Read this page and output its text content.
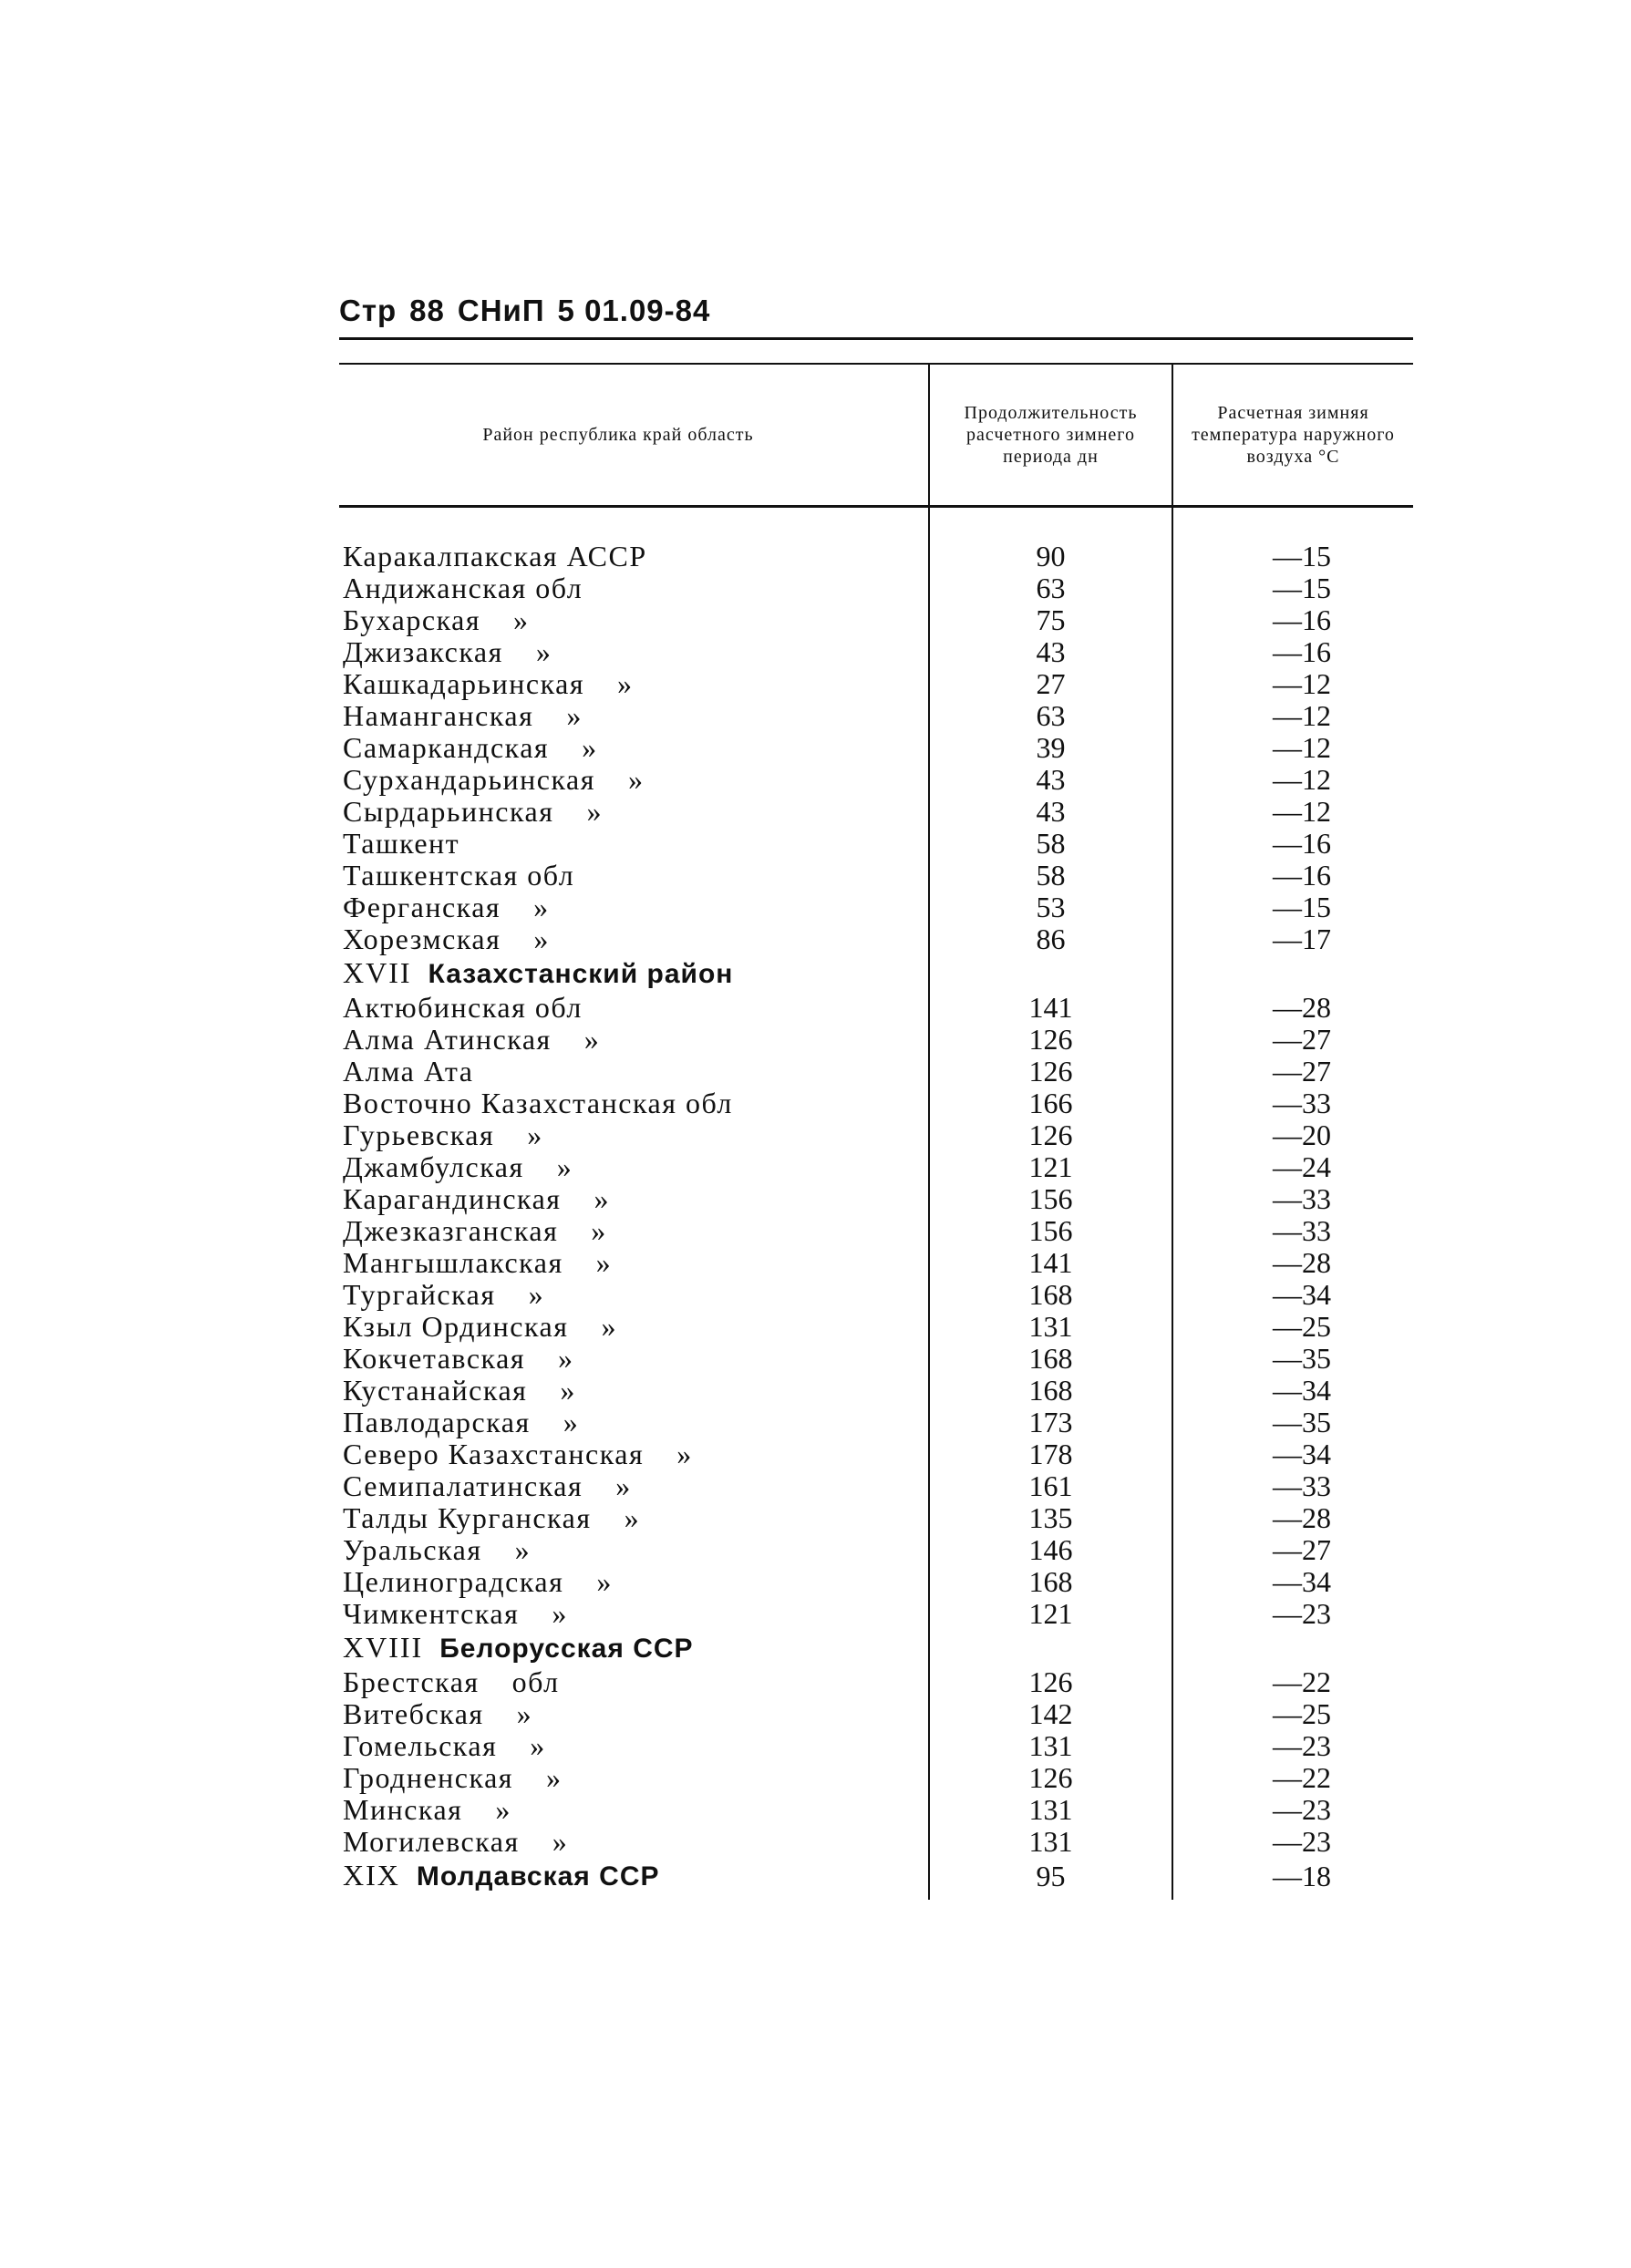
Стр 88 СНиП 5 01.09-84
Район республика край область	Продолжительность расчетного зимнего периода дн	Расчетная зимняя температура наружного воздуха °С

Каракалпакская АССР	90	—15
Андижанская обл	63	—15
Бухарская »	75	—16
Джизакская »	43	—16
Кашкадарьинская »	27	—12
Наманганская »	63	—12
Самаркандская »	39	—12
Сурхандарьинская »	43	—12
Сырдарьинская »	43	—12
Ташкент	58	—16
Ташкентская обл	58	—16
Ферганская »	53	—15
Хорезмская »	86	—17
XVII Казахстанский район		
Актюбинская обл	141	—28
Алма Атинская »	126	—27
Алма Ата	126	—27
Восточно Казахстанская обл	166	—33
Гурьевская »	126	—20
Джамбулская »	121	—24
Карагандинская »	156	—33
Джезказганская »	156	—33
Мангышлакская »	141	—28
Тургайская »	168	—34
Кзыл Ординская »	131	—25
Кокчетавская »	168	—35
Кустанайская »	168	—34
Павлодарская »	173	—35
Северо Казахстанская »	178	—34
Семипалатинская »	161	—33
Талды Курганская »	135	—28
Уральская »	146	—27
Целиноградская »	168	—34
Чимкентская »	121	—23
XVIII Белорусская ССР		
Брестская обл	126	—22
Витебская »	142	—25
Гомельская »	131	—23
Гродненская »	126	—22
Минская »	131	—23
Могилевская »	131	—23
XIX Молдавская ССР	95	—18
